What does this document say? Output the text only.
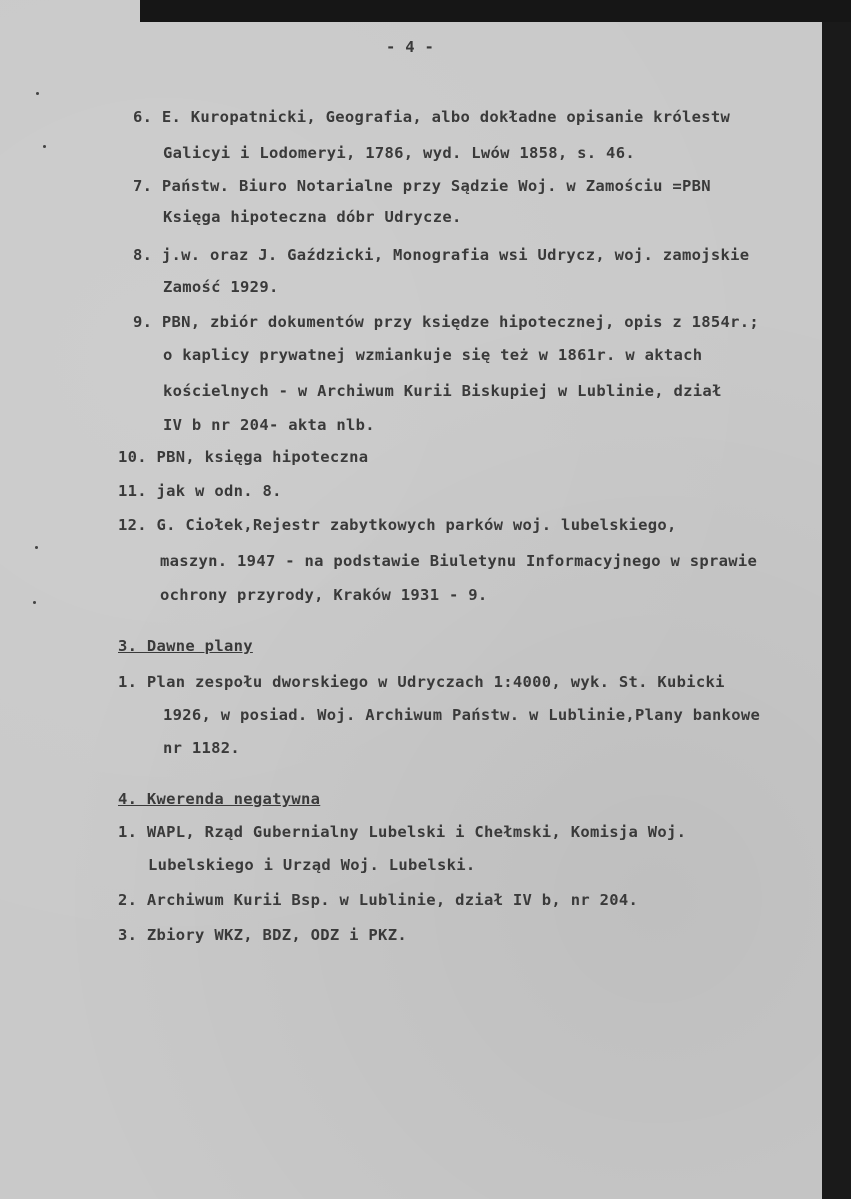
- 4 -
6. E. Kuropatnicki, Geografia, albo dokładne opisanie królestw
Galicyi i Lodomeryi, 1786, wyd. Lwów 1858, s. 46.
7. Państw. Biuro Notarialne przy Sądzie Woj. w Zamościu =PBN
Księga hipoteczna dóbr Udrycze.
8. j.w. oraz J. Gaździcki, Monografia wsi Udrycz, woj. zamojskie
Zamość 1929.
9. PBN, zbiór dokumentów przy księdze hipotecznej, opis z 1854r.;
o kaplicy prywatnej wzmiankuje się też w 1861r. w aktach
kościelnych - w Archiwum Kurii Biskupiej w Lublinie, dział
IV b nr 204- akta nlb.
10. PBN, księga hipoteczna
11. jak w odn. 8.
12. G. Ciołek,Rejestr zabytkowych parków woj. lubelskiego,
maszyn. 1947 - na podstawie Biuletynu Informacyjnego w sprawie
ochrony przyrody, Kraków 1931 - 9.
3. Dawne plany
1. Plan zespołu dworskiego w Udryczach 1:4000, wyk. St. Kubicki
1926, w posiad. Woj. Archiwum Państw. w Lublinie,Plany bankowe
nr 1182.
4. Kwerenda negatywna
1. WAPL, Rząd Gubernialny Lubelski i Chełmski, Komisja Woj.
Lubelskiego i Urząd Woj. Lubelski.
2. Archiwum Kurii Bsp. w Lublinie, dział IV b, nr 204.
3. Zbiory WKZ, BDZ, ODZ i PKZ.
